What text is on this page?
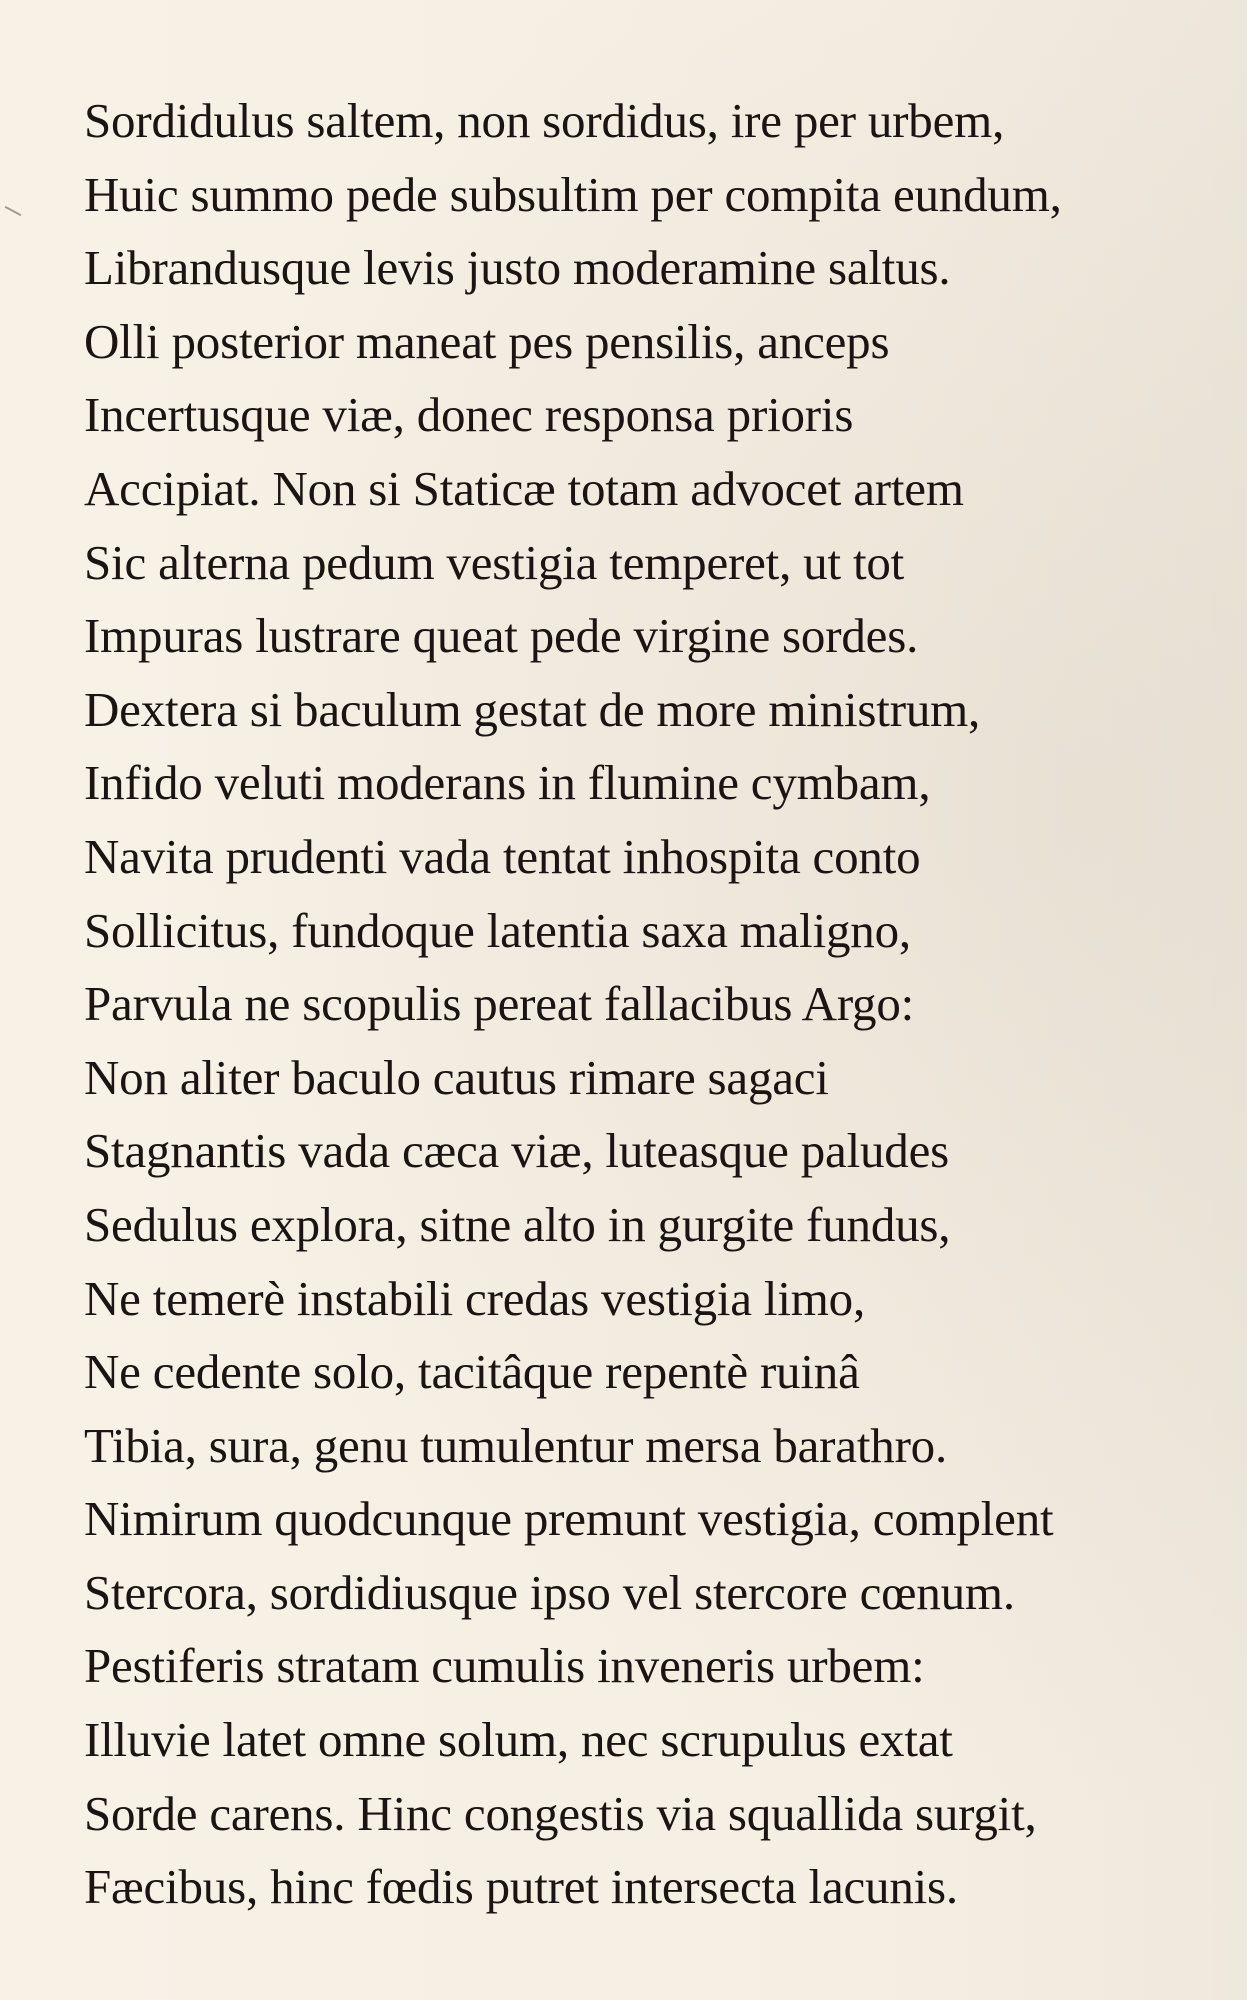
Sordidulus saltem, non sordidus, ire per urbem,
Huic summo pede subsultim per compita eundum,
Librandusque levis justo moderamine saltus.
Olli posterior maneat pes pensilis, anceps
Incertusque viæ, donec responsa prioris
Accipiat. Non si Staticæ totam advocet artem
Sic alterna pedum vestigia temperet, ut tot
Impuras lustrare queat pede virgine sordes.
Dextera si baculum gestat de more ministrum,
Infido veluti moderans in flumine cymbam,
Navita prudenti vada tentat inhospita conto
Sollicitus, fundoque latentia saxa maligno,
Parvula ne scopulis pereat fallacibus Argo:
Non aliter baculo cautus rimare sagaci
Stagnantis vada cæca viæ, luteasque paludes
Sedulus explora, sitne alto in gurgite fundus,
Ne temerè instabili credas vestigia limo,
Ne cedente solo, tacitâque repentè ruinâ
Tibia, sura, genu tumulentur mersa barathro.
Nimirum quodcunque premunt vestigia, complent
Stercora, sordidiusque ipso vel stercore cœnum.
Pestiferis stratam cumulis inveneris urbem:
Illuvie latet omne solum, nec scrupulus extat
Sorde carens. Hinc congestis via squallida surgit,
Fæcibus, hinc fœdis putret intersecta lacunis.
